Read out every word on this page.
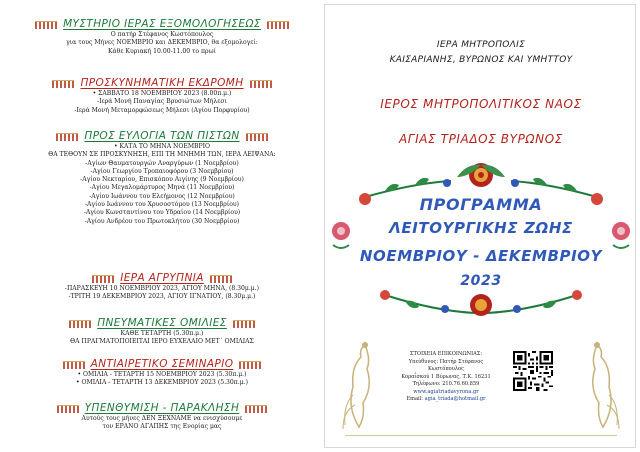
ΜΥΣΤΗΡΙΟ ΙΕΡΑΣ ΕΞΟΜΟΛΟΓΗΣΕΩΣ
Ο πατήρ Στέφανος Κωστόπουλος
για τους Μήνες ΝΟΕΜΒΡΙΟ και ΔΕΚΕΜΒΡΙΟ, θα εξομολογεί:
Κάθε Κυριακή 10.00-11.00 το πρωί
ΠΡΟΣΚΥΝΗΜΑΤΙΚΗ ΕΚΔΡΟΜΗ
• ΣΑΒΒΑΤΟ 18 ΝΟΕΜΒΡΙΟΥ 2023 (8.00π.μ.)
-Ιερά Μονή Παναγίας Βρυσιώτων Μήλεσι
-Ιερά Μονή Μεταμορφώσεως Μήλεσι (Αγίου Πορφυρίου)
ΠΡΟΣ ΕΥΛΟΓΙΑ ΤΩΝ ΠΙΣΤΩΝ
• ΚΑΤΑ ΤΟ ΜΗΝΑ ΝΟΕΜΒΡΙΟ
ΘΑ ΤΕΘΟΥΝ ΣΕ ΠΡΟΣΚΥΝΗΣΗ, ΕΠΙ ΤΗ ΜΝΗΜΗ ΤΩΝ, ΙΕΡΑ ΛΕΙΨΑΝΑ:
-Αγίων Θαυματουργών Αναργύρων (1 Νοεμβρίου)
-Αγίου Γεωργίου Τροπαιοφόρου (3 Νοεμβρίου)
-Αγίου Νεκταρίου, Επισκόπου Αιγίνης (9 Νοεμβρίου)
-Αγίου Μεγαλομάρτυρος Μηνά (11 Νοεμβρίου)
-Αγίου Ιωάννου του Ελεήμονος (12 Νοεμβρίου)
-Αγίου Ιωάννου του Χρυσοστόμου (13 Νοεμβρίου)
-Αγίου Κωνσταντίνου του Υδραίου (14 Νοεμβρίου)
-Αγίου Ανδρέου του Πρωτοκλήτου (30 Νοεμβρίου)
ΙΕΡΑ ΑΓΡΥΠΝΙΑ
-ΠΑΡΑΣΚΕΥΗ 10 ΝΟΕΜΒΡΙΟΥ 2023, ΑΓΙΟΥ ΜΗΝΑ, (8.30μ.μ.)
-ΤΡΙΤΗ 19 ΔΕΚΕΜΒΡΙΟΥ 2023, ΑΓΙΟΥ ΙΓΝΑΤΙΟΥ, (8.30μ.μ.)
ΠΝΕΥΜΑΤΙΚΕΣ ΟΜΙΛΙΕΣ
ΚΑΘΕ ΤΕΤΑΡΤΗ (5.30π.μ.)
ΘΑ ΠΡΑΓΜΑΤΟΠΟΙΕΙΤΑΙ ΙΕΡΟ ΕΥΧΕΛΑΙΟ ΜΕΤ΄ ΟΜΙΛΙΑΣ
ΑΝΤΙΑΙΡΕΤΙΚΟ ΣΕΜΙΝΑΡΙΟ
• ΟΜΙΛΙΑ - ΤΕΤΑΡΤΗ 15 ΝΟΕΜΒΡΙΟΥ 2023 (5.30π.μ.)
• ΟΜΙΛΙΑ - ΤΕΤΑΡΤΗ 13 ΔΕΚΕΜΒΡΙΟΥ 2023 (5.30π.μ.)
ΥΠΕΝΘΥΜΙΣΗ - ΠΑΡΑΚΛΗΣΗ
Αυτούς τους μήνες ΔΕΝ ΞΕΧΝΑΜΕ να ενισχύσουμε
τον ΕΡΑΝΟ ΑΓΑΠΗΣ της Ενορίας μας
ΙΕΡΑ ΜΗΤΡΟΠΟΛΙΣ
ΚΑΙΣΑΡΙΑΝΗΣ, ΒΥΡΩΝΟΣ ΚΑΙ ΥΜΗΤΤΟΥ
ΙΕΡΟΣ ΜΗΤΡΟΠΟΛΙΤΙΚΟΣ ΝΑΟΣ
ΑΓΙΑΣ ΤΡΙΑΔΟΣ ΒΥΡΩΝΟΣ
ΠΡΟΓΡΑΜΜΑ
ΛΕΙΤΟΥΡΓΙΚΗΣ ΖΩΗΣ
ΝΟΕΜΒΡΙΟΥ - ΔΕΚΕΜΒΡΙΟΥ
2023
ΣΤΟΙΧΕΙΑ ΕΠΙΚΟΙΝΩΝΙΑΣ:
Υπεύθυνος: Πατήρ Στέφανος Κωστόπουλος
Κοραΐσκού 1 Βύρωνας, Τ.Κ. 16231
Τηλέφωνο: 210.76.60.859
www.agiatriadavyrona.gr
Email: agia_triada@hotmail.gr
